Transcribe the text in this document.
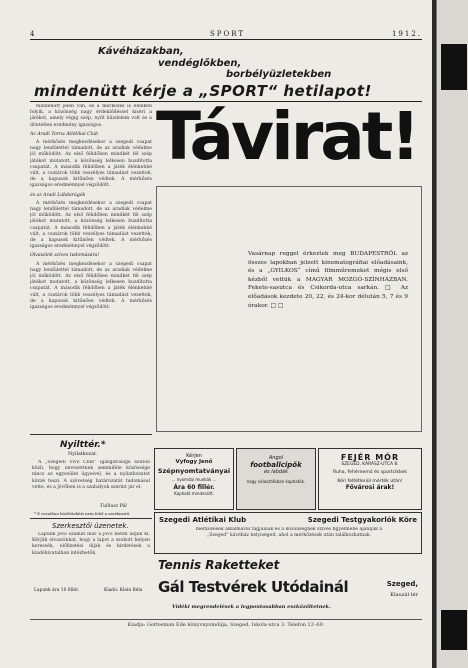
4	SPORT	1912.
Kávéházakban,
vendéglőkben,
borbélyüzletekben
mindenütt kérje a „SPORT“ hetilapot!

mindenütt jelen van, és a mérkőzés is élénken folyik, a közönség nagy érdeklődéssel kíséri a játékot, amely végig szép, nyílt küzdelem volt és a döntetlen eredmény igazságos.

Az Aradi Torna Atlétikai Club

A mérkőzés megkezdésekor a szegedi csapat nagy lendülettel támadott, de az aradiak védelme jól működött. Az első félidőben mindkét fél szép játékot mutatott, a közönség lelkesen buzdította csapatát. A második félidőben a játék élénkebbé vált, a csatárok több veszélyes támadást vezettek, de a kapusok kitűnően védtek. A mérkőzés igazságos eredménnyel végződött.

és az Aradi Lábdarúgók

A mérkőzés megkezdésekor a szegedi csapat nagy lendülettel támadott, de az aradiak védelme jól működött. Az első félidőben mindkét fél szép játékot mutatott, a közönség lelkesen buzdította csapatát. A második félidőben a játék élénkebbé vált, a csatárok több veszélyes támadást vezettek, de a kapusok kitűnően védtek. A mérkőzés igazságos eredménnyel végződött.

Olvasóink szíves tudomására!

A mérkőzés megkezdésekor a szegedi csapat nagy lendülettel támadott, de az aradiak védelme jól működött. Az első félidőben mindkét fél szép játékot mutatott, a közönség lelkesen buzdította csapatát. A második félidőben a játék élénkebbé vált, a csatárok több veszélyes támadást vezettek, de a kapusok kitűnően védtek. A mérkőzés igazságos eredménnyel végződött.

Távirat!
Vasárnap reggel érkeztek meg BUDAPESTRŐL az összes lapokban jelzett kinematográfiai előadásaink, és a „GYILKOS“ című filmműremeket mégis első kézből vettük a MAGYAR MOZGÓ-SZÍNHÁZBAN. Fekete-sasutca és Csikorda-utca sarkán. □ Az előadások kezdete 20, 22, és 24-kor délután 5, 7 és 9 órakor. □ □
Nyilttér.*
Nyilatkozat.

A „Szegedi Vívó Club“ igazgatósága ezúton közli, hogy nevezettnek semmiféle közössége nincs az egyesület ügyeivel, és a nyilatkozatot közzé teszi. A szövetség határozatát tudomásul vette, és a jövőben is a szabályok szerint jár el.

Tulliusz Pál
* E rovatban közlöttekért nem felel a szerkesztő.
Szerkesztői üzenetek.

Lapunk jövő számát már a jövő héten adjuk ki. Kérjük olvasóinkat, hogy a lapot a szokott helyen keressék, előfizetési díjak és hirdetések a kiadóhivatalban intézhetők.

Lapunk ára 10 fillér.	Kiadó: Klein Béla
Kérjen
Vyfogy Jenő
Szépnyomtatványai
... nyomdai munkák ...
Ára 60 fillér.
Kapható mindenütt.
Angol
footballcipők
és labdák
nagy választékban kaphatók.
FEJÉR MÓR
SZEGED, KÁRÁSZ-UTCA 8.
Ruha, fehérnemű és sportcikkek
Kéri feltétlenül mérték után!
Fővárosi árak!
Szegedi Atlétikai Klub	Szegedi Testgyakorlók Köre
mérkőzések alkalmával tagjainak és a közönségnek szíves figyelmébe ajánljuk a „Szeged“ kávéház helyiségeit, ahol a mérkőzések után találkozhatnak.
Tennis Raketteket
Gál Testvérek Utódainál	Szeged,
Klauzál tér
Vidéki megrendelések a legpontosabban eszközöltetnek.
Kiadja: Gottesman Ede könyvnyomdája, Szeged, Iskola-utca 3. Telefon 12–60.
